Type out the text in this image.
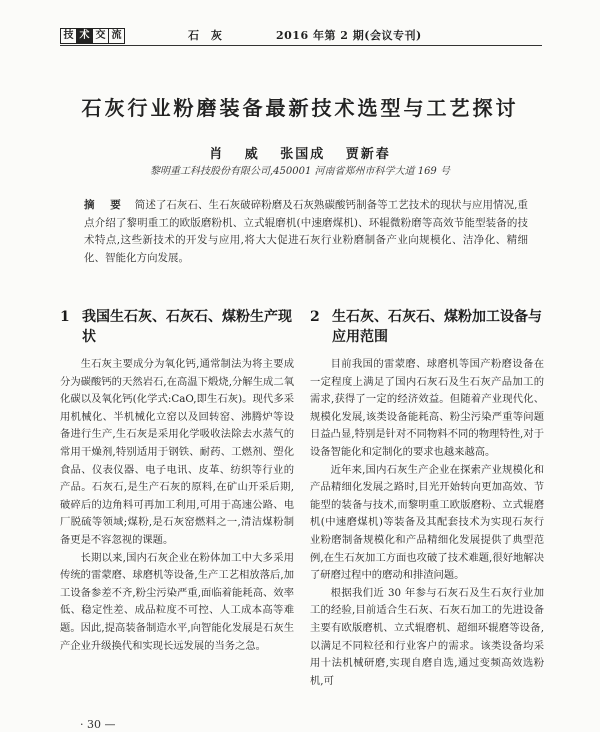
技 术 交 流	石 灰	2016 年第 2 期(会议专刊)
石灰行业粉磨装备最新技术选型与工艺探讨
肖 威 张国成 贾新春
黎明重工科技股份有限公司,450001 河南省郑州市科学大道 169 号
摘 要 简述了石灰石、生石灰破碎粉磨及石灰熟碳酸钙制备等工艺技术的现状与应用情况,重点介绍了黎明重工的欧版磨粉机、立式辊磨机(中速磨煤机)、环辊微粉磨等高效节能型装备的技术特点,这些新技术的开发与应用,将大大促进石灰行业粉磨制备产业向规模化、洁净化、精细化、智能化方向发展。
1 我国生石灰、石灰石、煤粉生产现状

生石灰主要成分为氧化钙,通常制法为将主要成分为碳酸钙的天然岩石,在高温下煅烧,分解生成二氧化碳以及氧化钙(化学式:CaO,即生石灰)。现代多采用机械化、半机械化立窑以及回转窑、沸腾炉等设备进行生产,生石灰是采用化学吸收法除去水蒸气的常用干燥剂,特别适用于钢铁、耐药、工燃剂、塑化食品、仪表仪器、电子电讯、皮革、纺织等行业的产品。石灰石,是生产石灰的原料,在矿山开采后期,破碎后的边角料可再加工利用,可用于高速公路、电厂脱硫等领域;煤粉,是石灰窑燃料之一,清洁煤粉制备更是不容忽视的课题。

长期以来,国内石灰企业在粉体加工中大多采用传统的雷蒙磨、球磨机等设备,生产工艺相放落后,加工设备参差不齐,粉尘污染严重,面临着能耗高、效率低、稳定性差、成品粒度不可控、人工成本高等难题。因此,提高装备制造水平,向智能化发展是石灰生产企业升级换代和实现长远发展的当务之急。

2 生石灰、石灰石、煤粉加工设备与应用范围

目前我国的雷蒙磨、球磨机等国产粉磨设备在一定程度上满足了国内石灰石及生石灰产品加工的需求,获得了一定的经济效益。但随着产业现代化、规模化发展,该类设备能耗高、粉尘污染严重等问题日益凸显,特别是针对不同物料不同的物理特性,对于设备智能化和定制化的要求也越来越高。

近年来,国内石灰生产企业在探索产业规模化和产品精细化发展之路时,目光开始转向更加高效、节能型的装备与技术,而黎明重工欧版磨粉、立式辊磨机(中速磨煤机)等装备及其配套技术为实现石灰行业粉磨制备规模化和产品精细化发展提供了典型范例,在生石灰加工方面也攻破了技术难题,很好地解决了研磨过程中的磨动和排渣问题。

根据我们近 30 年参与石灰石及生石灰行业加工的经验,目前适合生石灰、石灰石加工的先进设备主要有欧版磨机、立式辊磨机、超细环辊磨等设备,以满足不同粒径和行业客户的需求。该类设备均采用十法机械研磨,实现自磨自选,通过变频高效选粉机,可

· 30 —
